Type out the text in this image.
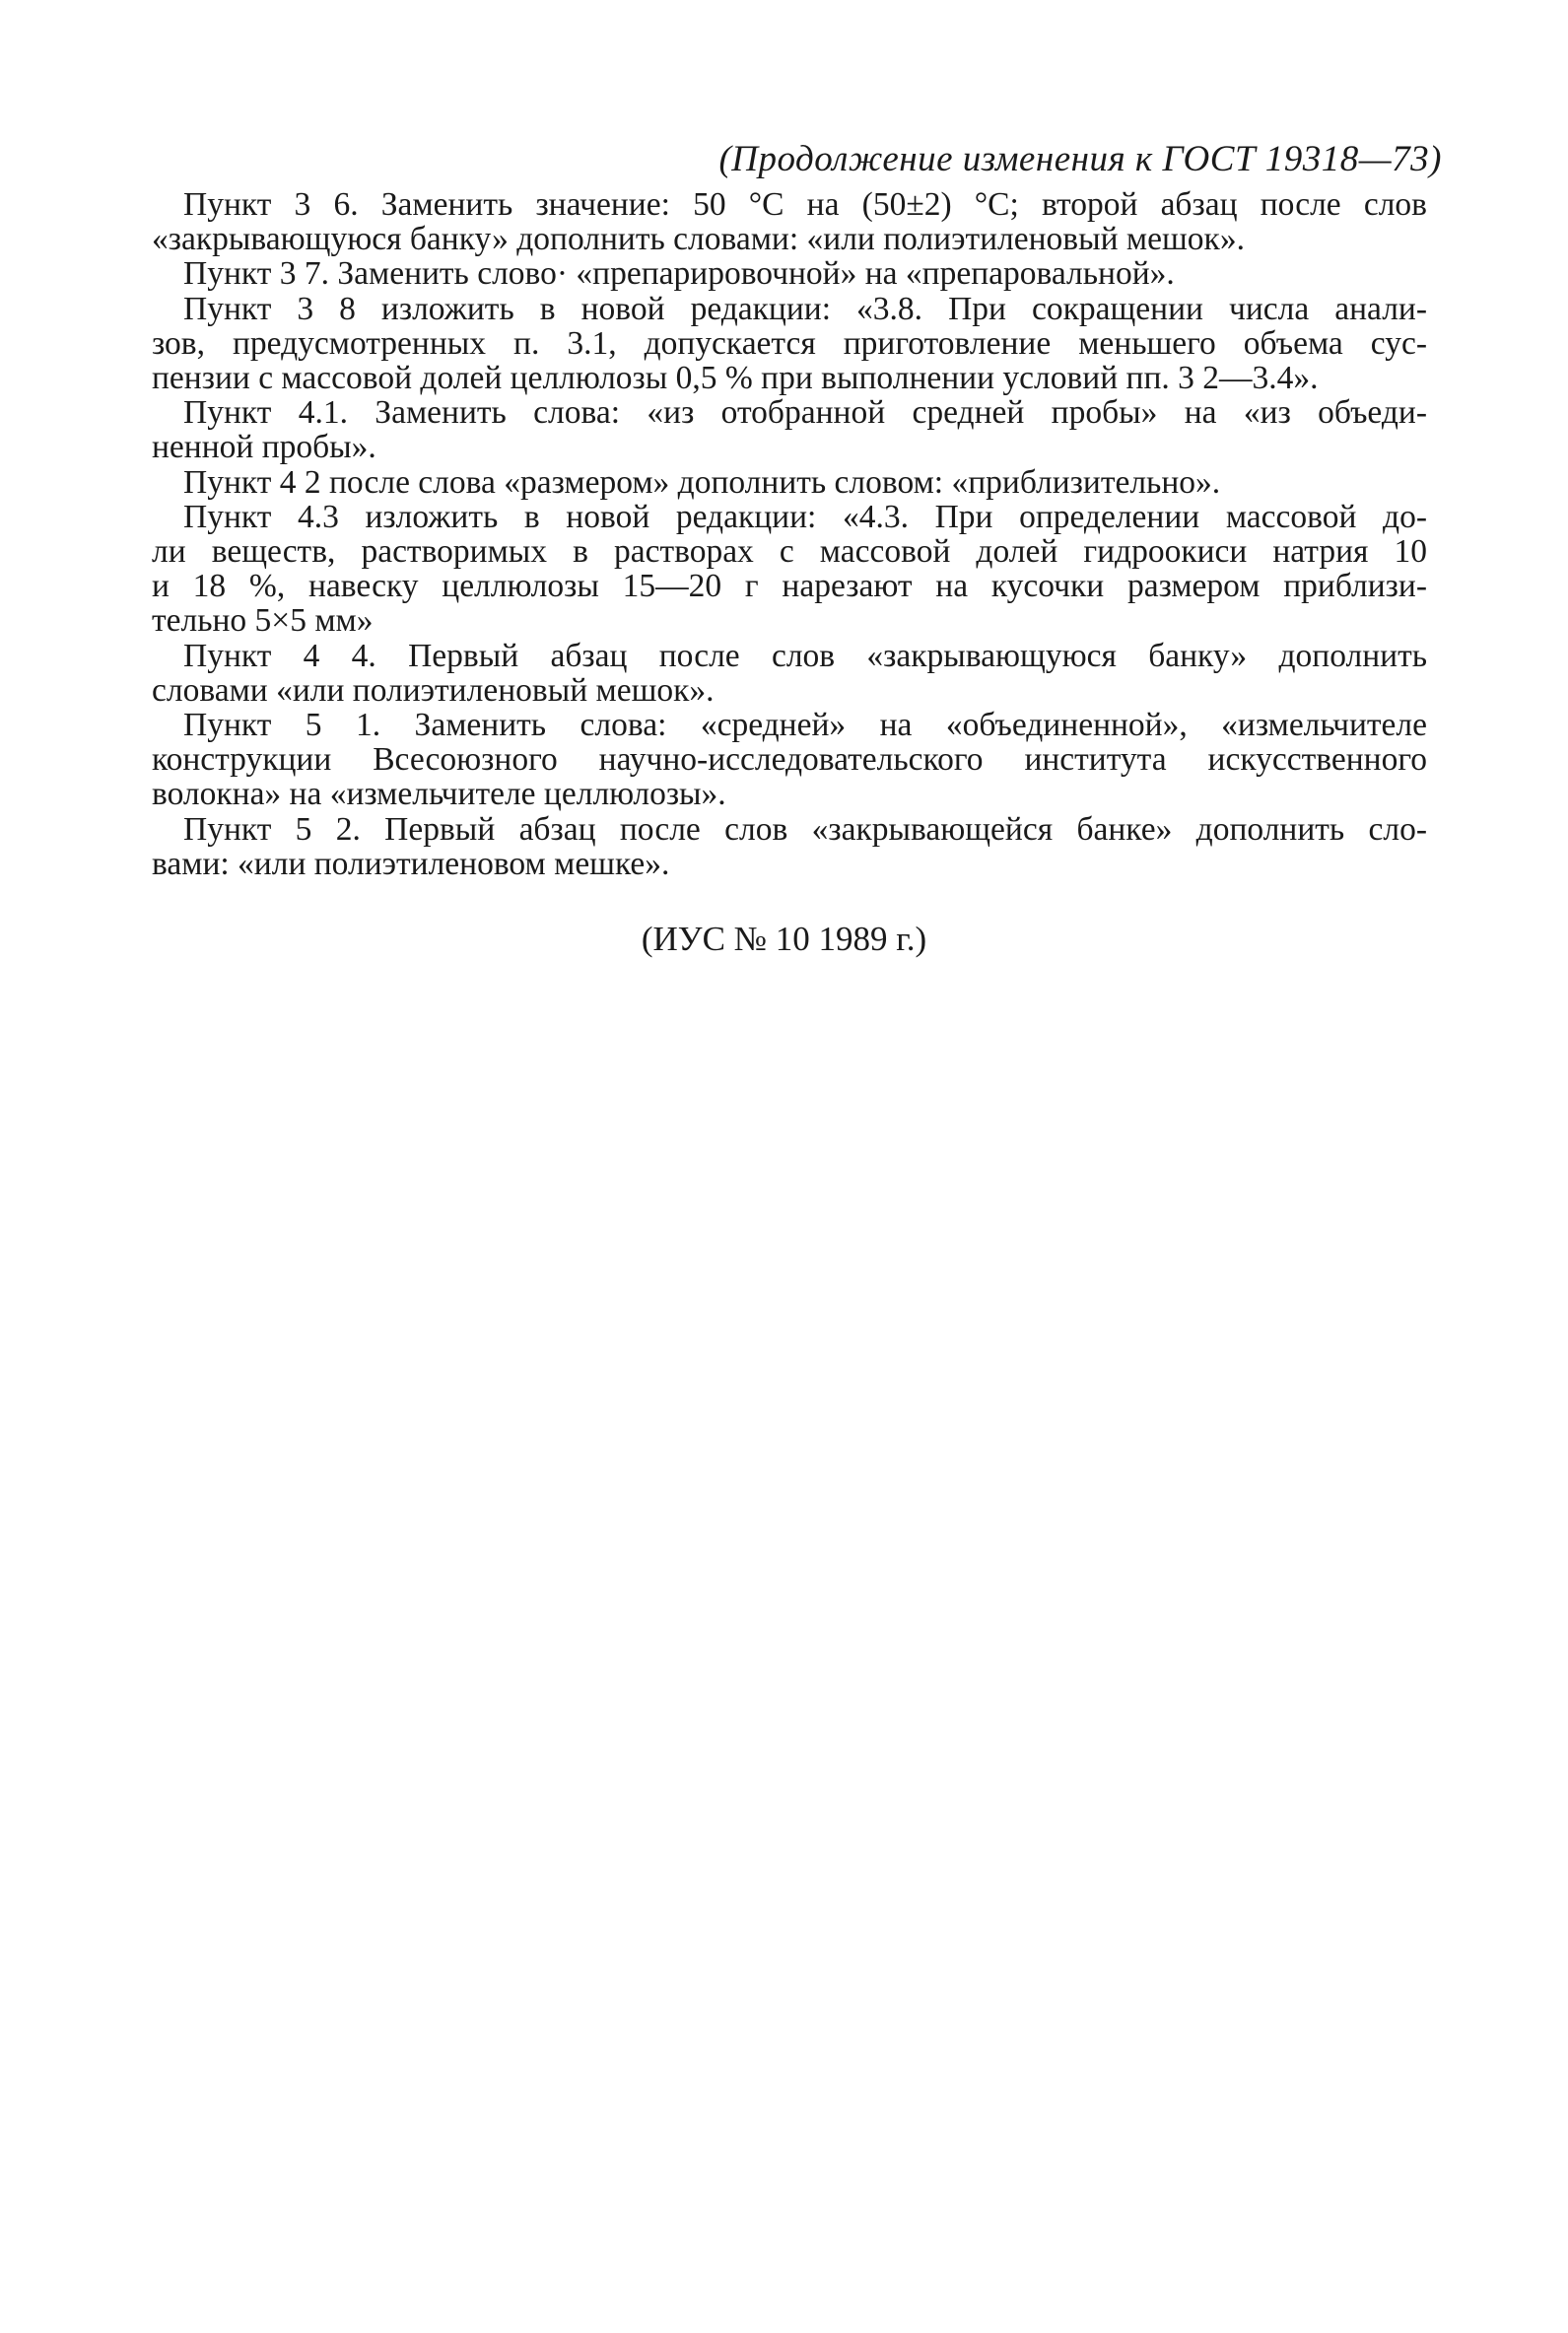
(Продолжение изменения к ГОСТ 19318—73)

Пункт 3 6. Заменить значение: 50 °С на (50±2) °С; второй абзац после слов
«закрывающуюся банку» дополнить словами: «или полиэтиленовый мешок».

Пункт 3 7. Заменить слово· «препарировочной» на «препаровальной».

Пункт 3 8 изложить в новой редакции: «3.8. При сокращении числа анали-
зов, предусмотренных п. 3.1, допускается приготовление меньшего объема сус-
пензии с массовой долей целлюлозы 0,5 % при выполнении условий пп. 3 2—3.4».

Пункт 4.1. Заменить слова: «из отобранной средней пробы» на «из объеди-
ненной пробы».

Пункт 4 2 после слова «размером» дополнить словом: «приблизительно».

Пункт 4.3 изложить в новой редакции: «4.3. При определении массовой до-
ли веществ, растворимых в растворах с массовой долей гидроокиси натрия 10
и 18 %, навеску целлюлозы 15—20 г нарезают на кусочки размером приблизи-
тельно 5×5 мм»

Пункт 4 4. Первый абзац после слов «закрывающуюся банку» дополнить
словами «или полиэтиленовый мешок».

Пункт 5 1. Заменить слова: «средней» на «объединенной», «измельчителе
конструкции Всесоюзного научно-исследовательского института искусственного
волокна» на «измельчителе целлюлозы».

Пункт 5 2. Первый абзац после слов «закрывающейся банке» дополнить сло-
вами: «или полиэтиленовом мешке».

(ИУС № 10 1989 г.)
